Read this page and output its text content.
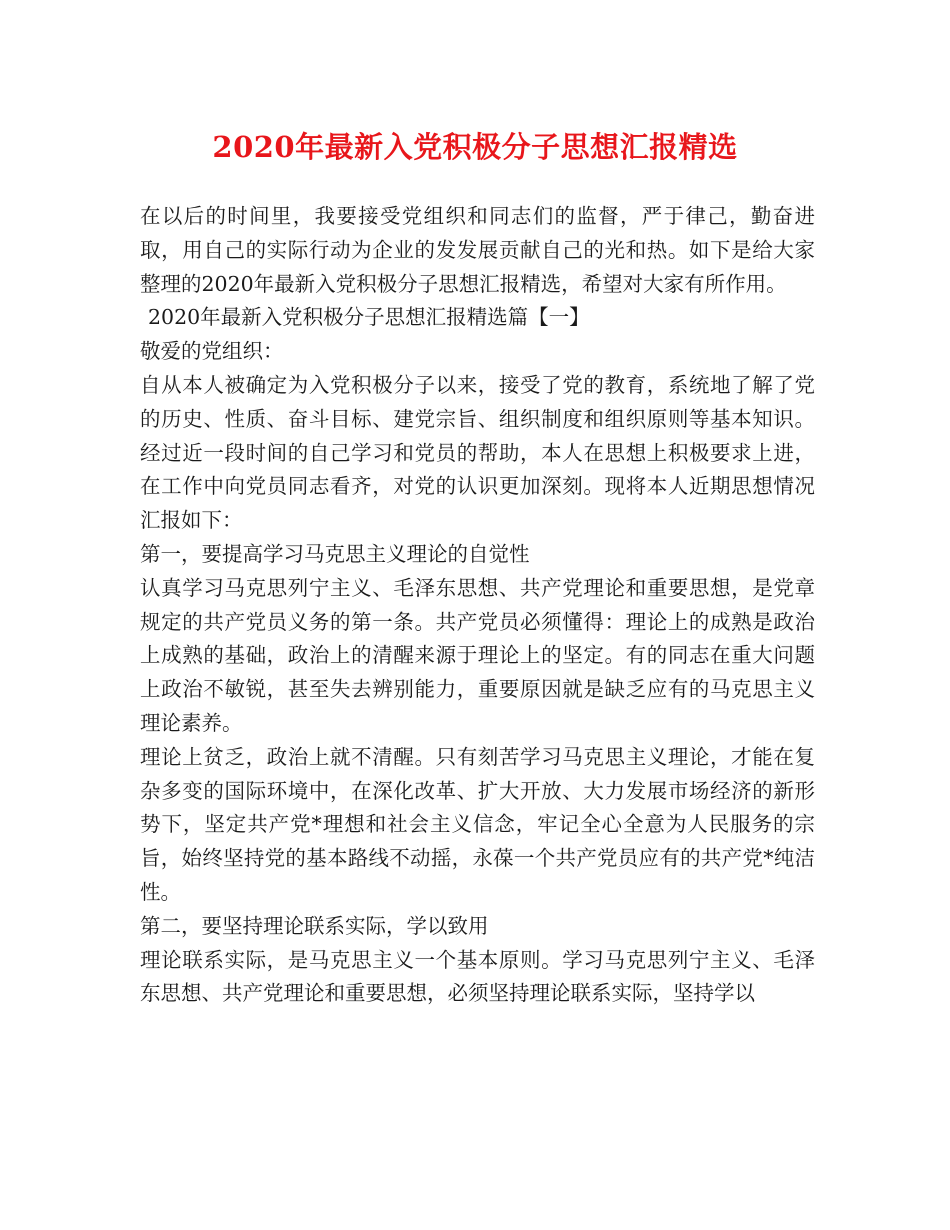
2020年最新入党积极分子思想汇报精选

在以后的时间里，我要接受党组织和同志们的监督，严于律己，勤奋进取，用自己的实际行动为企业的发发展贡献自己的光和热。如下是给大家整理的2020年最新入党积极分子思想汇报精选，希望对大家有所作用。

2020年最新入党积极分子思想汇报精选篇【一】

敬爱的党组织：

自从本人被确定为入党积极分子以来，接受了党的教育，系统地了解了党的历史、性质、奋斗目标、建党宗旨、组织制度和组织原则等基本知识。经过近一段时间的自己学习和党员的帮助，本人在思想上积极要求上进，在工作中向党员同志看齐，对党的认识更加深刻。现将本人近期思想情况汇报如下：

第一，要提高学习马克思主义理论的自觉性

认真学习马克思列宁主义、毛泽东思想、共产党理论和重要思想，是党章规定的共产党员义务的第一条。共产党员必须懂得：理论上的成熟是政治上成熟的基础，政治上的清醒来源于理论上的坚定。有的同志在重大问题上政治不敏锐，甚至失去辨别能力，重要原因就是缺乏应有的马克思主义理论素养。

理论上贫乏，政治上就不清醒。只有刻苦学习马克思主义理论，才能在复杂多变的国际环境中，在深化改革、扩大开放、大力发展市场经济的新形势下，坚定共产党*理想和社会主义信念，牢记全心全意为人民服务的宗旨，始终坚持党的基本路线不动摇，永葆一个共产党员应有的共产党*纯洁性。

第二，要坚持理论联系实际，学以致用

理论联系实际，是马克思主义一个基本原则。学习马克思列宁主义、毛泽东思想、共产党理论和重要思想，必须坚持理论联系实际，坚持学以
